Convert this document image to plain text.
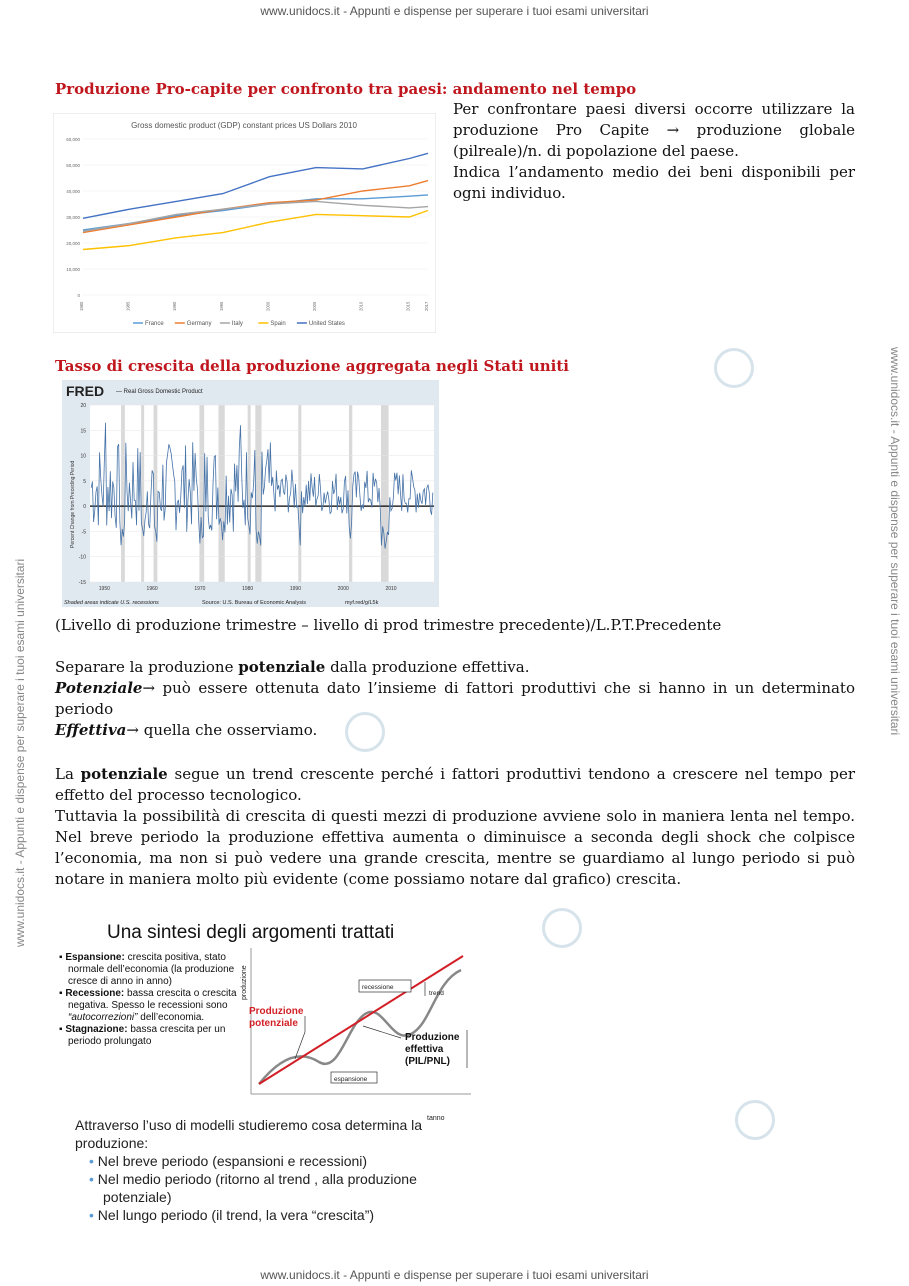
www.unidocs.it - Appunti e dispense per superare i tuoi esami universitari
www.unidocs.it - Appunti e dispense per superare i tuoi esami universitari
www.unidocs.it - Appunti e dispense per superare i tuoi esami universitari
www.unidocs.it - Appunti e dispense per superare i tuoi esami universitari
Produzione Pro-capite per confronto tra paesi: andamento nel tempo
Per confrontare paesi diversi occorre utilizzare la
produzione Pro Capite → produzione globale
(pilreale)/n. di popolazione del paese.
Indica l’andamento medio dei beni disponibili per
ogni individuo.
Gross domestic product (GDP) constant prices US Dollars 2010
60,000
50,000
40,000
30,000
20,000
10,000
0
1980	1985	1990	1995	2000	2005	2010	2015	2017
France	Germany	Italy	Spain	United States
Tasso di crescita della produzione aggregata negli Stati uniti
FRED — Real Gross Domestic Product
Percent Change from Preceding Period
20
15
10
5
0
-5
-10
-15
1950	1960	1970	1980	1990	2000	2010
Shaded areas indicate U.S. recessions	Source: U.S. Bureau of Economic Analysis	myf.red/g/L5k
(Livello di produzione trimestre – livello di prod trimestre precedente)/L.P.T.Precedente
Separare la produzione potenziale dalla produzione effettiva.
Potenziale→ può essere ottenuta dato l’insieme di fattori produttivi che si hanno in un determinato periodo
Effettiva→ quella che osserviamo.
La potenziale segue un trend crescente perché i fattori produttivi tendono a crescere nel tempo per effetto del processo tecnologico.
Tuttavia la possibilità di crescita di questi mezzi di produzione avviene solo in maniera lenta nel tempo. Nel breve periodo la produzione effettiva aumenta o diminuisce a seconda degli shock che colpisce l’economia, ma non si può vedere una grande crescita, mentre se guardiamo al lungo periodo si può notare in maniera molto più evidente (come possiamo notare dal grafico) crescita.
Una sintesi degli argomenti trattati
▪ Espansione: crescita positiva, stato normale dell’economia (la produzione cresce di anno in anno)
▪ Recessione: bassa crescita o crescita negativa. Spesso le recessioni sono “autocorrezioni” dell’economia.
▪ Stagnazione: bassa crescita per un periodo prolungato
produzione
tanno
recessione
trend
espansione
Produzione
potenziale
Produzione
effettiva
(PIL/PNL)
Attraverso l’uso di modelli studieremo cosa determina la
produzione:
• Nel breve periodo (espansioni e recessioni)
• Nel medio periodo (ritorno al trend , alla produzione
potenziale)
• Nel lungo periodo (il trend, la vera “crescita”)
